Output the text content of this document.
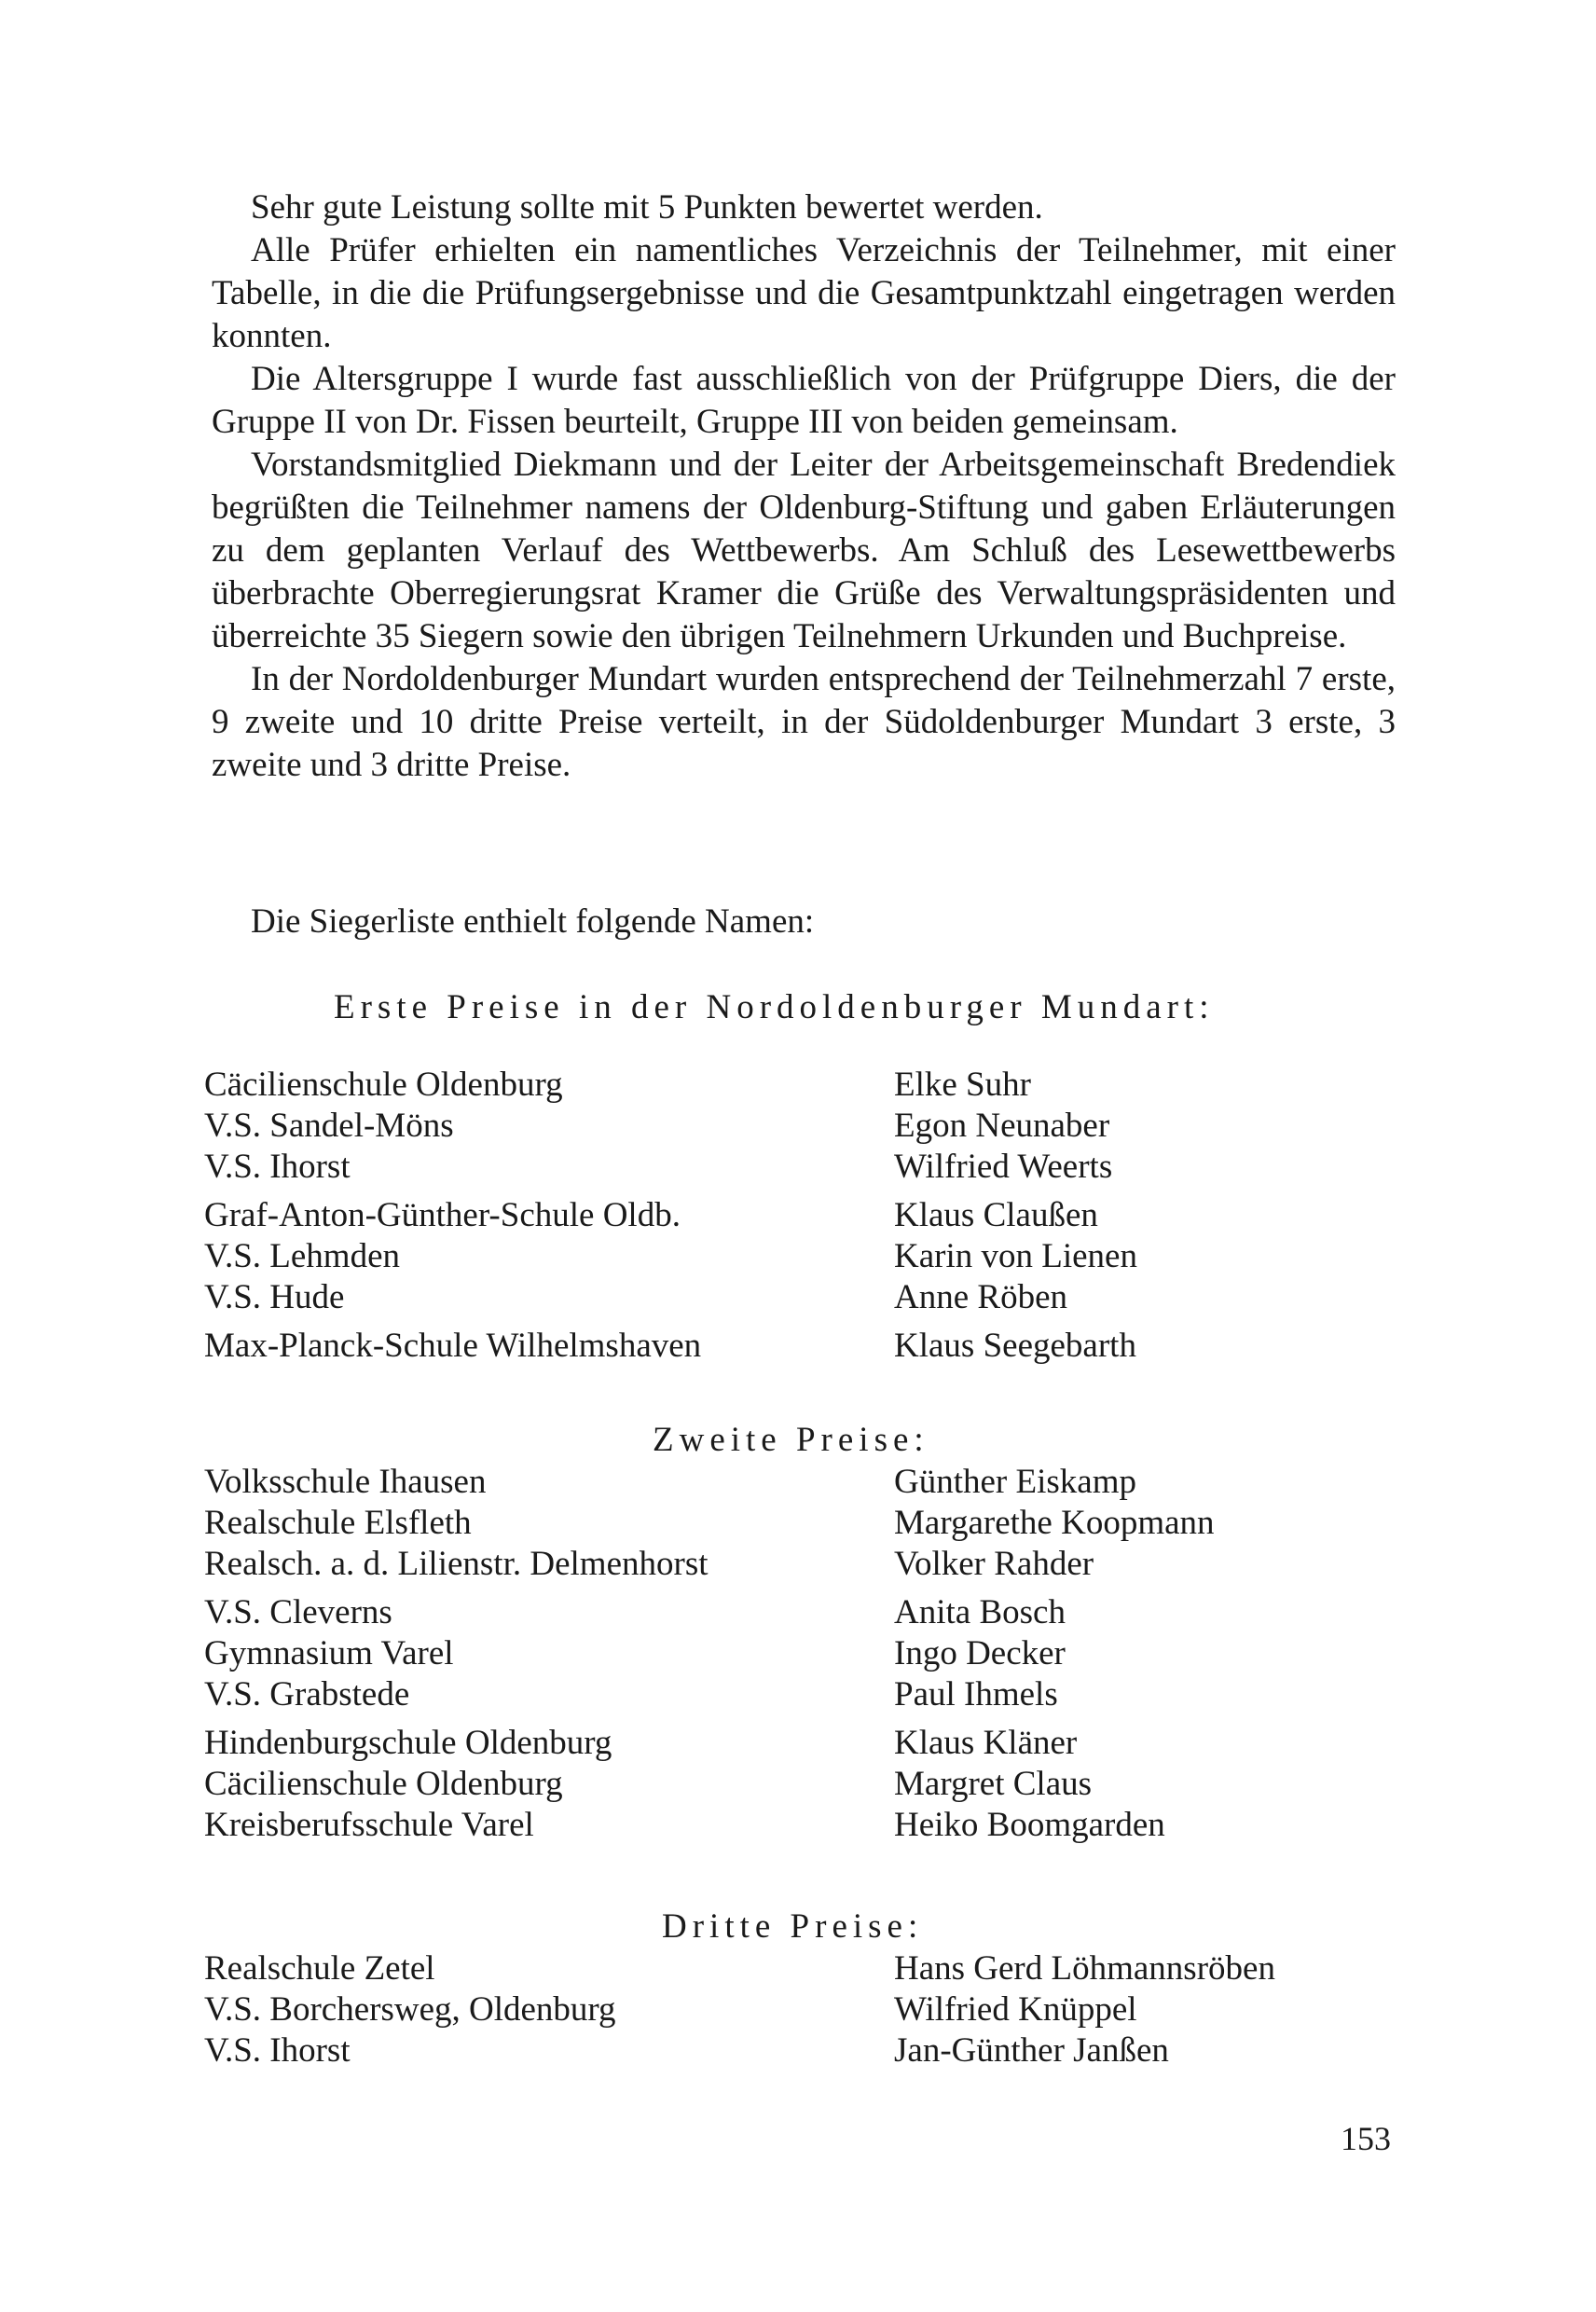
Sehr gute Leistung sollte mit 5 Punkten bewertet werden.

Alle Prüfer erhielten ein namentliches Verzeichnis der Teilnehmer, mit einer Tabelle, in die die Prüfungsergebnisse und die Gesamtpunktzahl eingetragen werden konnten.

Die Altersgruppe I wurde fast ausschließlich von der Prüfgruppe Diers, die der Gruppe II von Dr. Fissen beurteilt, Gruppe III von beiden gemeinsam.

Vorstandsmitglied Diekmann und der Leiter der Arbeitsgemeinschaft Bredendiek begrüßten die Teilnehmer namens der Oldenburg-Stiftung und gaben Erläuterungen zu dem geplanten Verlauf des Wettbewerbs. Am Schluß des Lesewettbewerbs überbrachte Oberregierungsrat Kramer die Grüße des Verwaltungspräsidenten und überreichte 35 Siegern sowie den übrigen Teilnehmern Urkunden und Buchpreise.

In der Nordoldenburger Mundart wurden entsprechend der Teilnehmerzahl 7 erste, 9 zweite und 10 dritte Preise verteilt, in der Südoldenburger Mundart 3 erste, 3 zweite und 3 dritte Preise.

Die Siegerliste enthielt folgende Namen:

Erste Preise in der Nordoldenburger Mundart:

Cäcilienschule Oldenburg	Elke Suhr
V.S. Sandel-Möns	Egon Neunaber
V.S. Ihorst	Wilfried Weerts
Graf-Anton-Günther-Schule Oldb.	Klaus Claußen
V.S. Lehmden	Karin von Lienen
V.S. Hude	Anne Röben
Max-Planck-Schule Wilhelmshaven	Klaus Seegebarth

Zweite Preise:

Volksschule Ihausen	Günther Eiskamp
Realschule Elsfleth	Margarethe Koopmann
Realsch. a. d. Lilienstr. Delmenhorst	Volker Rahder
V.S. Cleverns	Anita Bosch
Gymnasium Varel	Ingo Decker
V.S. Grabstede	Paul Ihmels
Hindenburgschule Oldenburg	Klaus Kläner
Cäcilienschule Oldenburg	Margret Claus
Kreisberufsschule Varel	Heiko Boomgarden

Dritte Preise:

Realschule Zetel	Hans Gerd Löhmannsröben
V.S. Borchersweg, Oldenburg	Wilfried Knüppel
V.S. Ihorst	Jan-Günther Janßen

153
